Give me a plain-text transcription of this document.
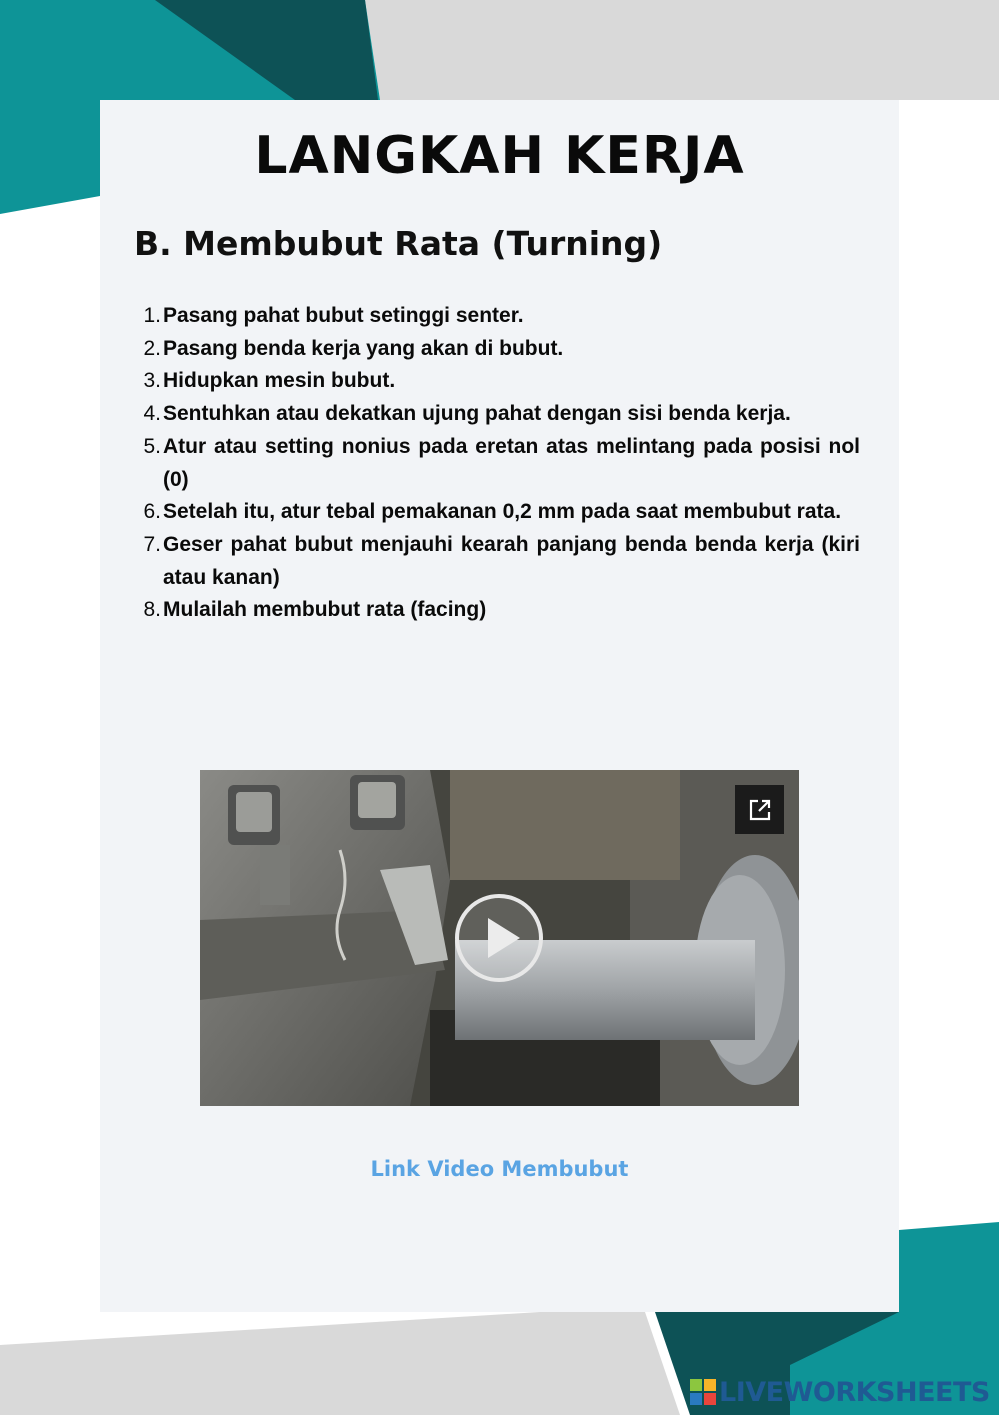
LANGKAH KERJA
B. Membubut Rata (Turning)
1. Pasang pahat bubut setinggi senter.
2. Pasang benda kerja yang akan di bubut.
3. Hidupkan mesin bubut.
4. Sentuhkan atau dekatkan ujung pahat dengan sisi benda kerja.
5. Atur atau setting nonius pada eretan atas melintang pada posisi nol (0)
6. Setelah itu, atur tebal pemakanan 0,2 mm pada saat membubut rata.
7. Geser pahat bubut menjauhi kearah panjang benda benda kerja (kiri atau kanan)
8. Mulailah membubut rata (facing)
Link Video Membubut
LIVEWORKSHEETS
